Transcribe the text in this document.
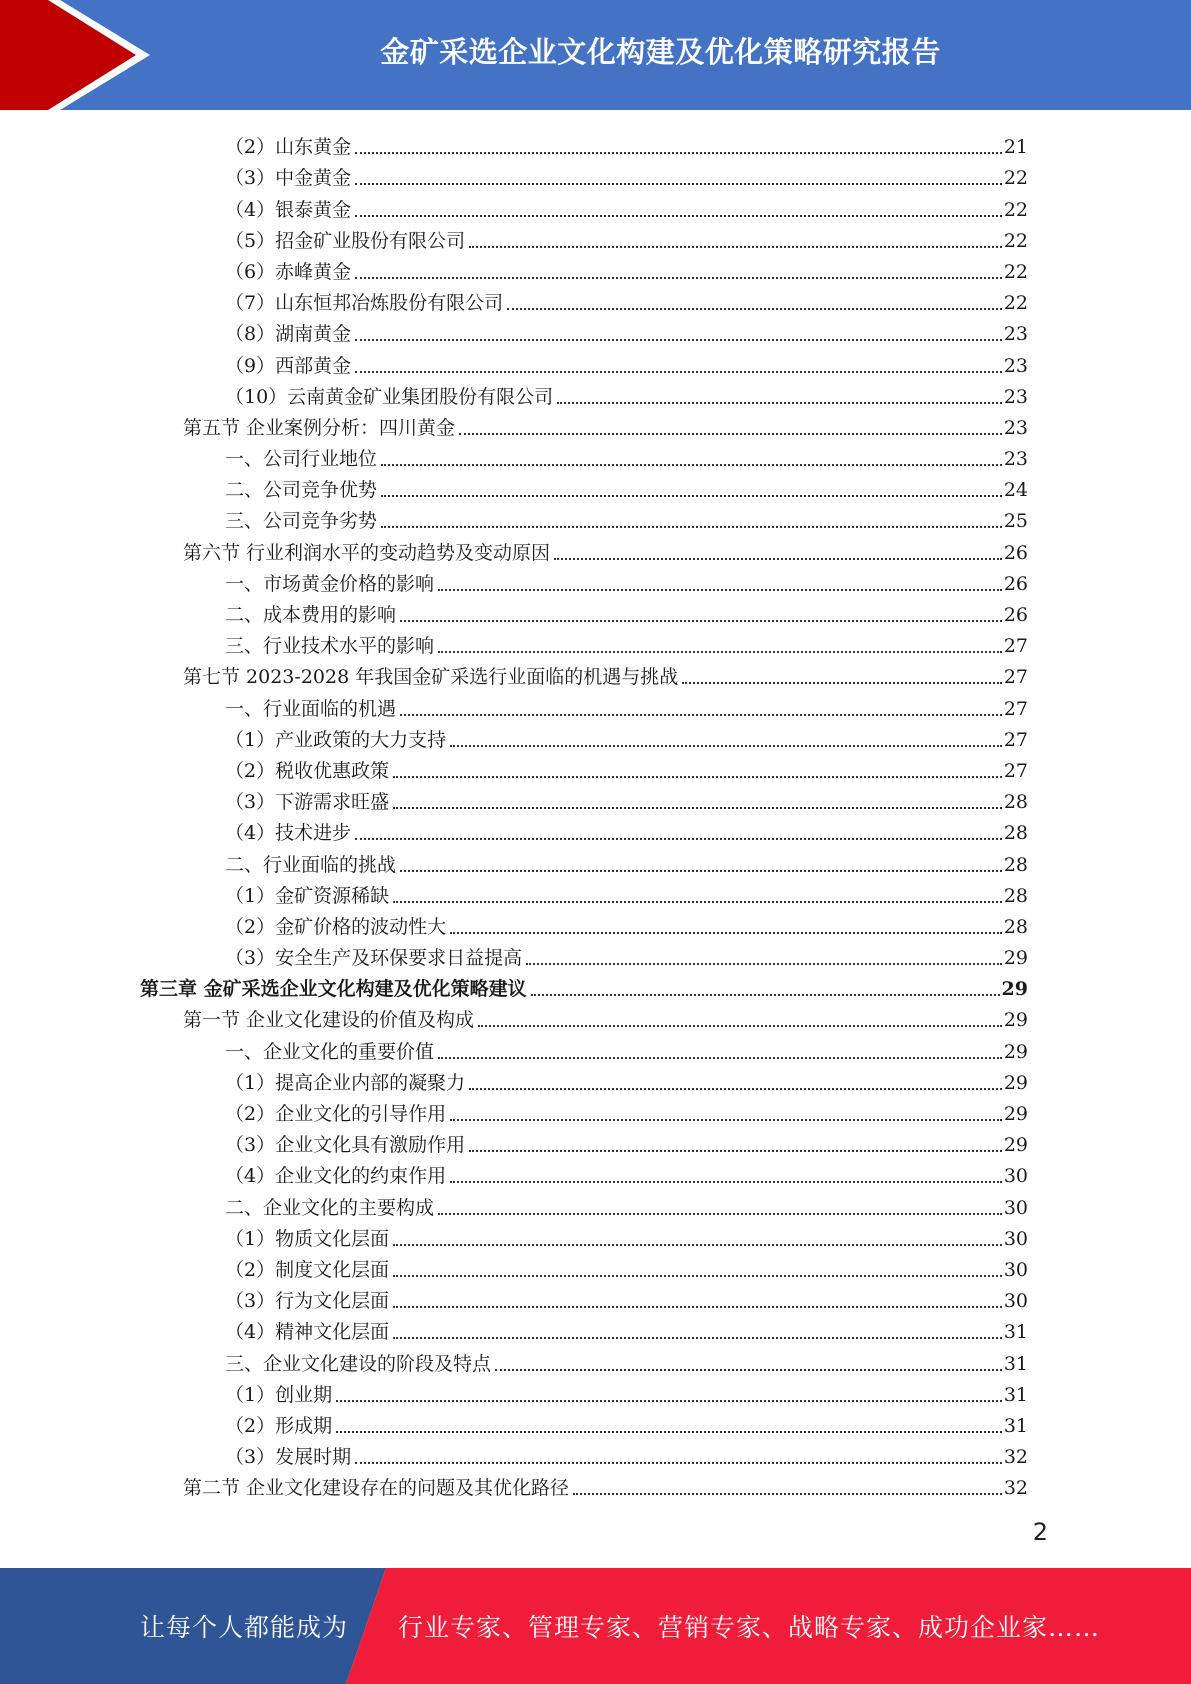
金矿采选企业文化构建及优化策略研究报告
（2）山东黄金	21
（3）中金黄金	22
（4）银泰黄金	22
（5）招金矿业股份有限公司	22
（6）赤峰黄金	22
（7）山东恒邦冶炼股份有限公司	22
（8）湖南黄金	23
（9）西部黄金	23
（10）云南黄金矿业集团股份有限公司	23
第五节 企业案例分析：四川黄金	23
一、公司行业地位	23
二、公司竞争优势	24
三、公司竞争劣势	25
第六节 行业利润水平的变动趋势及变动原因	26
一、市场黄金价格的影响	26
二、成本费用的影响	26
三、行业技术水平的影响	27
第七节 2023-2028 年我国金矿采选行业面临的机遇与挑战	27
一、行业面临的机遇	27
（1）产业政策的大力支持	27
（2）税收优惠政策	27
（3）下游需求旺盛	28
（4）技术进步	28
二、行业面临的挑战	28
（1）金矿资源稀缺	28
（2）金矿价格的波动性大	28
（3）安全生产及环保要求日益提高	29
第三章 金矿采选企业文化构建及优化策略建议	29
第一节 企业文化建设的价值及构成	29
一、企业文化的重要价值	29
（1）提高企业内部的凝聚力	29
（2）企业文化的引导作用	29
（3）企业文化具有激励作用	29
（4）企业文化的约束作用	30
二、企业文化的主要构成	30
（1）物质文化层面	30
（2）制度文化层面	30
（3）行为文化层面	30
（4）精神文化层面	31
三、企业文化建设的阶段及特点	31
（1）创业期	31
（2）形成期	31
（3）发展时期	32
第二节 企业文化建设存在的问题及其优化路径	32
2
让每个人都能成为 行业专家、管理专家、营销专家、战略专家、成功企业家……
